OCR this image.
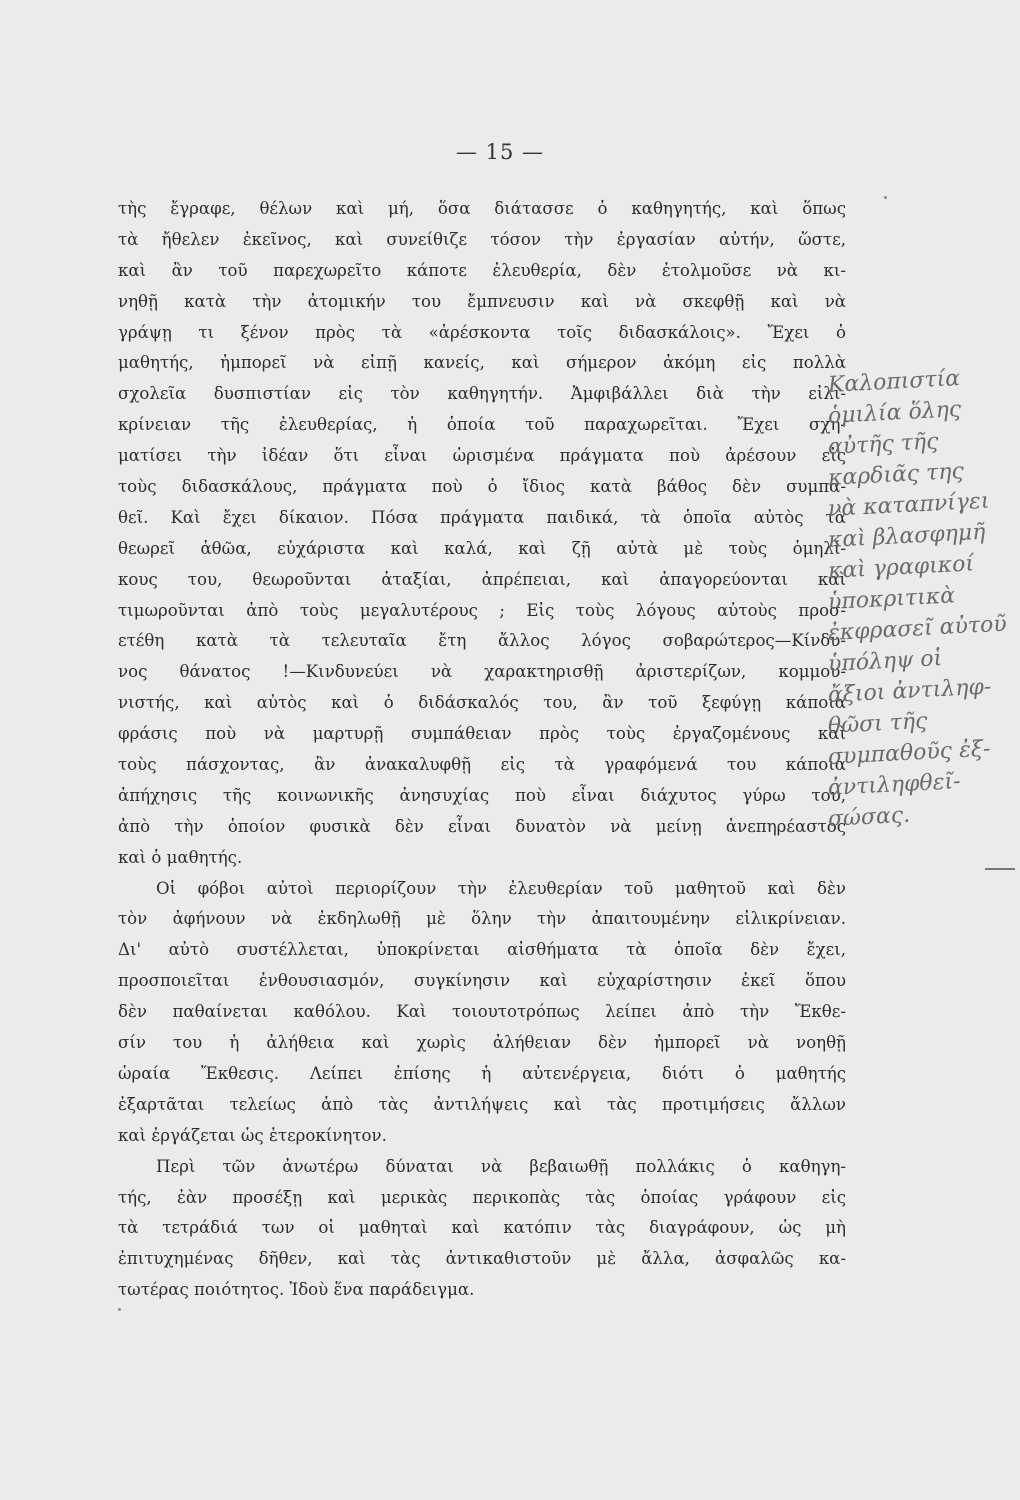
— 15 —
τὴς ἔγραφε, θέλων καὶ μή, ὅσα διάτασσε ὁ καθηγητής, καὶ ὅπως
τὰ ἤθελεν ἐκεῖνος, καὶ συνείθιζε τόσον τὴν ἐργασίαν αὐτήν, ὥστε,
καὶ ἂν τοῦ παρεχωρεῖτο κάποτε ἐλευθερία, δὲν ἐτολμοῦσε νὰ κι-
νηθῇ κατὰ τὴν ἀτομικήν του ἔμπνευσιν καὶ νὰ σκεφθῇ καὶ νὰ
γράψῃ τι ξένον πρὸς τὰ «ἀρέσκοντα τοῖς διδασκάλοις». Ἔχει ὁ
μαθητής, ἠμπορεῖ νὰ εἰπῇ κανείς, καὶ σήμερον ἀκόμη εἰς πολλὰ
σχολεῖα δυσπιστίαν εἰς τὸν καθηγητήν. Ἀμφιβάλλει διὰ τὴν εἰλι-
κρίνειαν τῆς ἐλευθερίας, ἡ ὁποία τοῦ παραχωρεῖται. Ἔχει σχη-
ματίσει τὴν ἰδέαν ὅτι εἶναι ὡρισμένα πράγματα ποὺ ἀρέσουν εἰς
τοὺς διδασκάλους, πράγματα ποὺ ὁ ἴδιος κατὰ βάθος δὲν συμπα-
θεῖ. Καὶ ἔχει δίκαιον. Πόσα πράγματα παιδικά, τὰ ὁποῖα αὐτὸς τὰ
θεωρεῖ ἀθῶα, εὐχάριστα καὶ καλά, καὶ ζῇ αὐτὰ μὲ τοὺς ὁμηλί-
κους του, θεωροῦνται ἀταξίαι, ἀπρέπειαι, καὶ ἀπαγορεύονται καὶ
τιμωροῦνται ἀπὸ τοὺς μεγαλυτέρους ; Εἰς τοὺς λόγους αὐτοὺς προσ-
ετέθη κατὰ τὰ τελευταῖα ἔτη ἄλλος λόγος σοβαρώτερος—Κίνδυ-
νος θάνατος !—Κινδυνεύει νὰ χαρακτηρισθῇ ἀριστερίζων, κομμου-
νιστής, καὶ αὐτὸς καὶ ὁ διδάσκαλός του, ἂν τοῦ ξεφύγῃ κάποια
φράσις ποὺ νὰ μαρτυρῇ συμπάθειαν πρὸς τοὺς ἐργαζομένους καὶ
τοὺς πάσχοντας, ἂν ἀνακαλυφθῇ εἰς τὰ γραφόμενά του κάποια
ἀπήχησις τῆς κοινωνικῆς ἀνησυχίας ποὺ εἶναι διάχυτος γύρω του,
ἀπὸ τὴν ὁποίον φυσικὰ δὲν εἶναι δυνατὸν νὰ μείνῃ ἀνεπηρέαστος
καὶ ὁ μαθητής.
Οἱ φόβοι αὐτοὶ περιορίζουν τὴν ἐλευθερίαν τοῦ μαθητοῦ καὶ δὲν
τὸν ἀφήνουν νὰ ἐκδηλωθῇ μὲ ὅλην τὴν ἀπαιτουμένην εἰλικρίνειαν.
Δι' αὐτὸ συστέλλεται, ὑποκρίνεται αἰσθήματα τὰ ὁποῖα δὲν ἔχει,
προσποιεῖται ἐνθουσιασμόν, συγκίνησιν καὶ εὐχαρίστησιν ἐκεῖ ὅπου
δὲν παθαίνεται καθόλου. Καὶ τοιουτοτρόπως λείπει ἀπὸ τὴν Ἔκθε-
σίν του ἡ ἀλήθεια καὶ χωρὶς ἀλήθειαν δὲν ἠμπορεῖ νὰ νοηθῇ
ὡραία Ἔκθεσις. Λείπει ἐπίσης ἡ αὐτενέργεια, διότι ὁ μαθητής
ἐξαρτᾶται τελείως ἀπὸ τὰς ἀντιλήψεις καὶ τὰς προτιμήσεις ἄλλων
καὶ ἐργάζεται ὡς ἑτεροκίνητον.
Περὶ τῶν ἀνωτέρω δύναται νὰ βεβαιωθῇ πολλάκις ὁ καθηγη-
τής, ἐὰν προσέξῃ καὶ μερικὰς περικοπὰς τὰς ὁποίας γράφουν εἰς
τὰ τετράδιά των οἱ μαθηταὶ καὶ κατόπιν τὰς διαγράφουν, ὡς μὴ
ἐπιτυχημένας δῆθεν, καὶ τὰς ἀντικαθιστοῦν μὲ ἄλλα, ἀσφαλῶς κα-
τωτέρας ποιότητος. Ἰδοὺ ἕνα παράδειγμα.
Καλοπιστία
ὁμιλία ὅλης
αὐτῆς τῆς
καρδιᾶς της
νὰ καταπνίγει
καὶ βλασφημῆ
καὶ γραφικοί
ὑποκριτικὰ
ἐκφρασεῖ αὐτοῦ
ὑπόληψ οἱ
ἄξιοι ἀντιληφ-
θῶσι τῆς
συμπαθοῦς ἐξ-
ἀντιληφθεῖ-
σώσας.
